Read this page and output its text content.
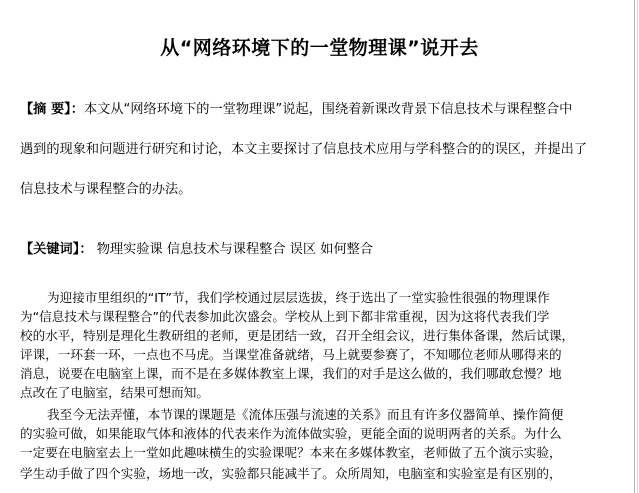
从“网络环境下的一堂物理课”说开去
【摘 要】：本文从“网络环境下的一堂物理课”说起，围绕着新课改背景下信息技术与课程整合中
遇到的现象和问题进行研究和讨论，本文主要探讨了信息技术应用与学科整合的的误区，并提出了
信息技术与课程整合的办法。
【关键词】： 物理实验课 信息技术与课程整合 误区 如何整合
为迎接市里组织的“IT”节，我们学校通过层层选拔，终于选出了一堂实验性很强的物理课作
为“信息技术与课程整合”的代表参加此次盛会。学校从上到下都非常重视，因为这将代表我们学
校的水平，特别是理化生教研组的老师，更是团结一致，召开全组会议，进行集体备课，然后试课，
评课，一环套一环，一点也不马虎。当课堂准备就绪，马上就要参赛了，不知哪位老师从哪得来的
消息，说要在电脑室上课，而不是在多媒体教室上课，我们的对手是这么做的，我们哪敢怠慢？地
点改在了电脑室，结果可想而知。
我至今无法弄懂，本节课的课题是《流体压强与流速的关系》而且有许多仪器简单、操作简便
的实验可做，如果能取气体和液体的代表来作为流体做实验，更能全面的说明两者的关系。为什么
一定要在电脑室去上一堂如此趣味横生的实验课呢？本来在多媒体教室，老师做了五个演示实验，
学生动手做了四个实验，场地一改，实验都只能减半了。众所周知，电脑室和实验室是有区别的，
